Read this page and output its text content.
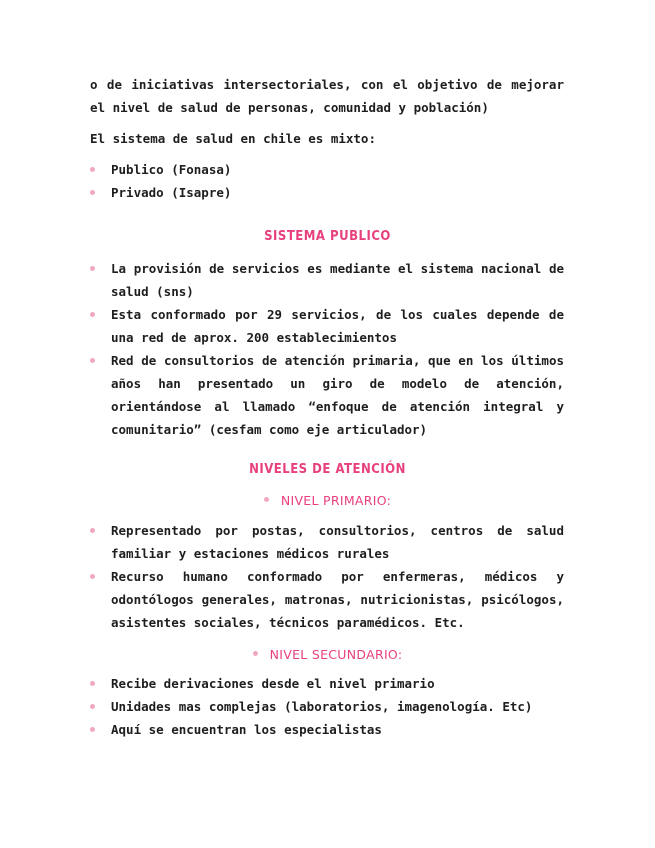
o de iniciativas intersectoriales, con el objetivo de mejorar el nivel de salud de personas, comunidad y población)

El sistema de salud en chile es mixto:

Publico (Fonasa)

Privado (Isapre)

SISTEMA PUBLICO

La provisión de servicios es mediante el sistema nacional de salud (sns)

Esta conformado por 29 servicios, de los cuales depende de una red de aprox. 200 establecimientos

Red de consultorios de atención primaria, que en los últimos años han presentado un giro de modelo de atención, orientándose al llamado “enfoque de atención integral y comunitario” (cesfam como eje articulador)

NIVELES DE ATENCIÓN
NIVEL PRIMARIO:

Representado por postas, consultorios, centros de salud familiar y estaciones médicos rurales

Recurso humano conformado por enfermeras, médicos y odontólogos generales, matronas, nutricionistas, psicólogos, asistentes sociales, técnicos paramédicos. Etc.

NIVEL SECUNDARIO:

Recibe derivaciones desde el nivel primario

Unidades mas complejas (laboratorios, imagenología. Etc)

Aquí se encuentran los especialistas
